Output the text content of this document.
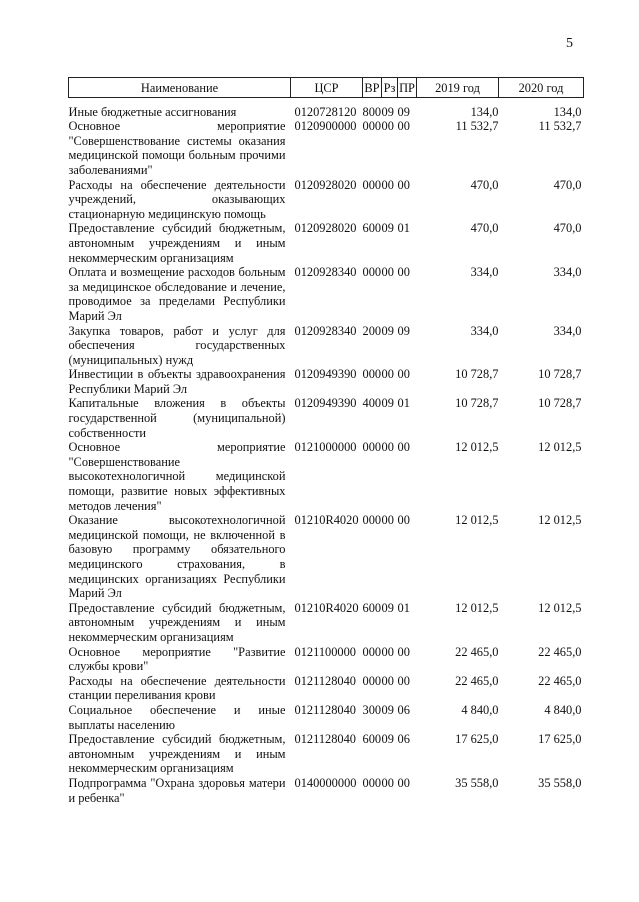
5
Наименование	ЦСР	ВР	Рз	ПР	2019 год	2020 год
Иные бюджетные ассигнования	0120728120	800	09	09	134,0	134,0
Основное мероприятие "Совершенствование системы оказания медицинской помощи больным прочими заболеваниями"	0120900000	000	00	00	11 532,7	11 532,7
Расходы на обеспечение деятельности учреждений, оказывающих стационарную медицинскую помощь	0120928020	000	00	00	470,0	470,0
Предоставление субсидий бюджетным, автономным учреждениям и иным некоммерческим организациям	0120928020	600	09	01	470,0	470,0
Оплата и возмещение расходов больным за медицинское обследование и лечение, проводимое за пределами Республики Марий Эл	0120928340	000	00	00	334,0	334,0
Закупка товаров, работ и услуг для обеспечения государственных (муниципальных) нужд	0120928340	200	09	09	334,0	334,0
Инвестиции в объекты здравоохранения Республики Марий Эл	0120949390	000	00	00	10 728,7	10 728,7
Капитальные вложения в объекты государственной (муниципальной) собственности	0120949390	400	09	01	10 728,7	10 728,7
Основное мероприятие "Совершенствование высокотехнологичной медицинской помощи, развитие новых эффективных методов лечения"	0121000000	000	00	00	12 012,5	12 012,5
Оказание высокотехнологичной медицинской помощи, не включенной в базовую программу обязательного медицинского страхования, в медицинских организациях Республики Марий Эл	01210R4020	000	00	00	12 012,5	12 012,5
Предоставление субсидий бюджетным, автономным учреждениям и иным некоммерческим организациям	01210R4020	600	09	01	12 012,5	12 012,5
Основное мероприятие "Развитие службы крови"	0121100000	000	00	00	22 465,0	22 465,0
Расходы на обеспечение деятельности станции переливания крови	0121128040	000	00	00	22 465,0	22 465,0
Социальное обеспечение и иные выплаты населению	0121128040	300	09	06	4 840,0	4 840,0
Предоставление субсидий бюджетным, автономным учреждениям и иным некоммерческим организациям	0121128040	600	09	06	17 625,0	17 625,0
Подпрограмма "Охрана здоровья матери и ребенка"	0140000000	000	00	00	35 558,0	35 558,0
